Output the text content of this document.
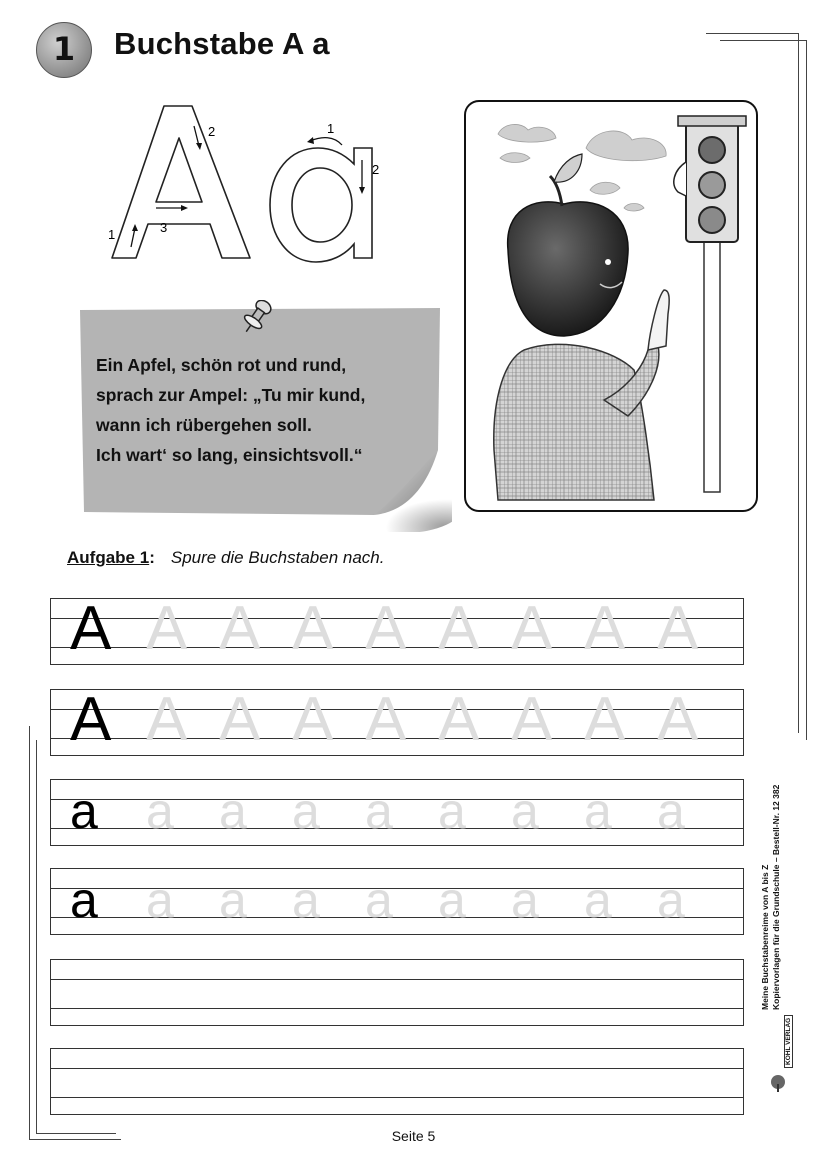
1	Buchstabe A a
1
2
3
1
2
Ein Apfel, schön rot und rund,
sprach zur Ampel: „Tu mir kund,
wann ich rübergehen soll.
Ich wart‘ so lang, einsichtsvoll.“
Aufgabe 1: Spure die Buchstaben nach.
A A A A A A A A A
A A A A A A A A A
a a a a a a a a a
a a a a a a a a a
Seite 5
Meine Buchstabenreime von A bis Z Kopiervorlagen für die Grundschule – Bestell-Nr. 12 382
KOHL VERLAG
